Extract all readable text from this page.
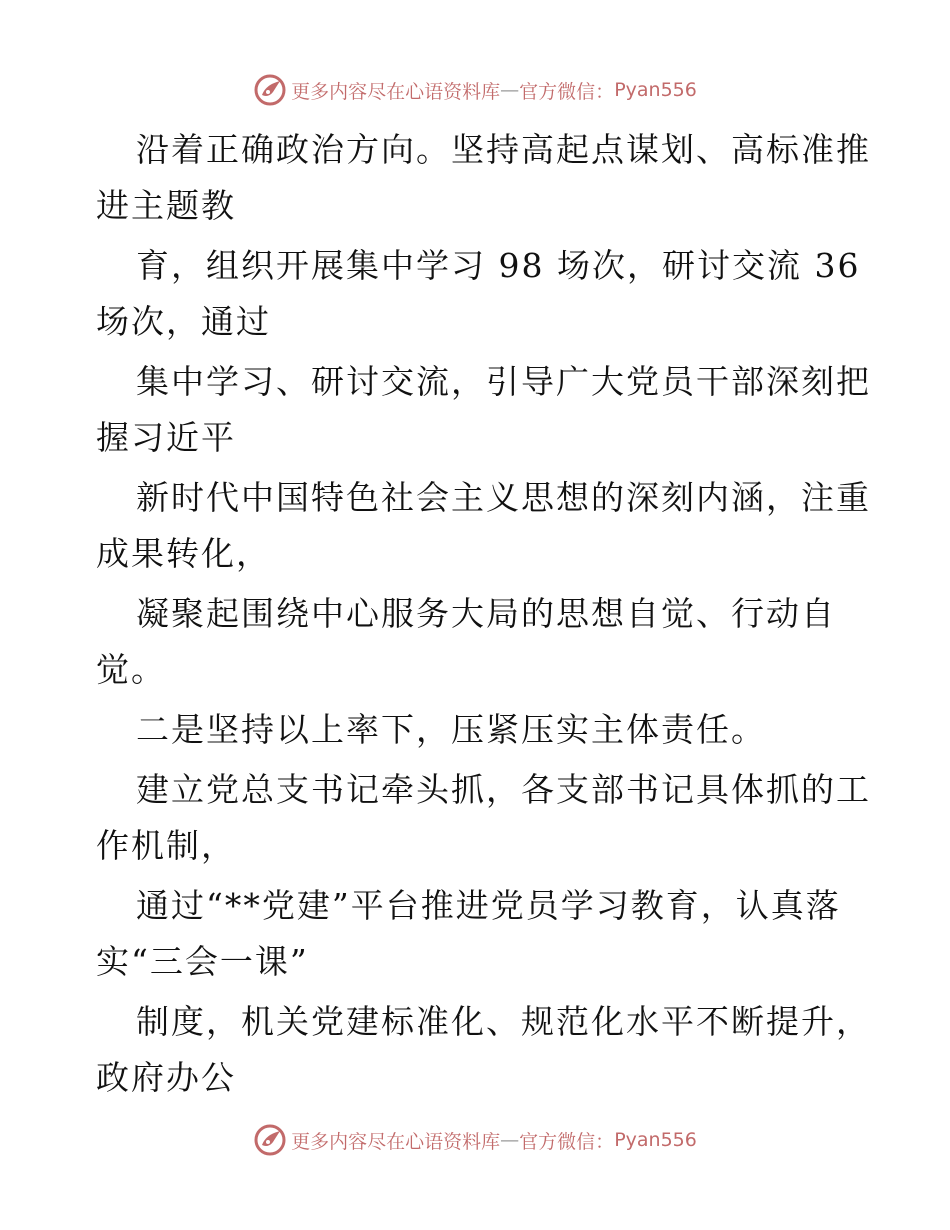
更多内容尽在心语资料库 — 官方微信： Pyan556
沿着正确政治方向。坚持高起点谋划、高标准推
进主题教
育，组织开展集中学习 98 场次，研讨交流 36
场次，通过
集中学习、研讨交流，引导广大党员干部深刻把
握习近平
新时代中国特色社会主义思想的深刻内涵，注重
成果转化，
凝聚起围绕中心服务大局的思想自觉、行动自
觉。
二是坚持以上率下，压紧压实主体责任。
建立党总支书记牵头抓，各支部书记具体抓的工
作机制，
通过“**党建”平台推进党员学习教育，认真落
实“三会一课”
制度，机关党建标准化、规范化水平不断提升，
政府办公
更多内容尽在心语资料库 — 官方微信： Pyan556
